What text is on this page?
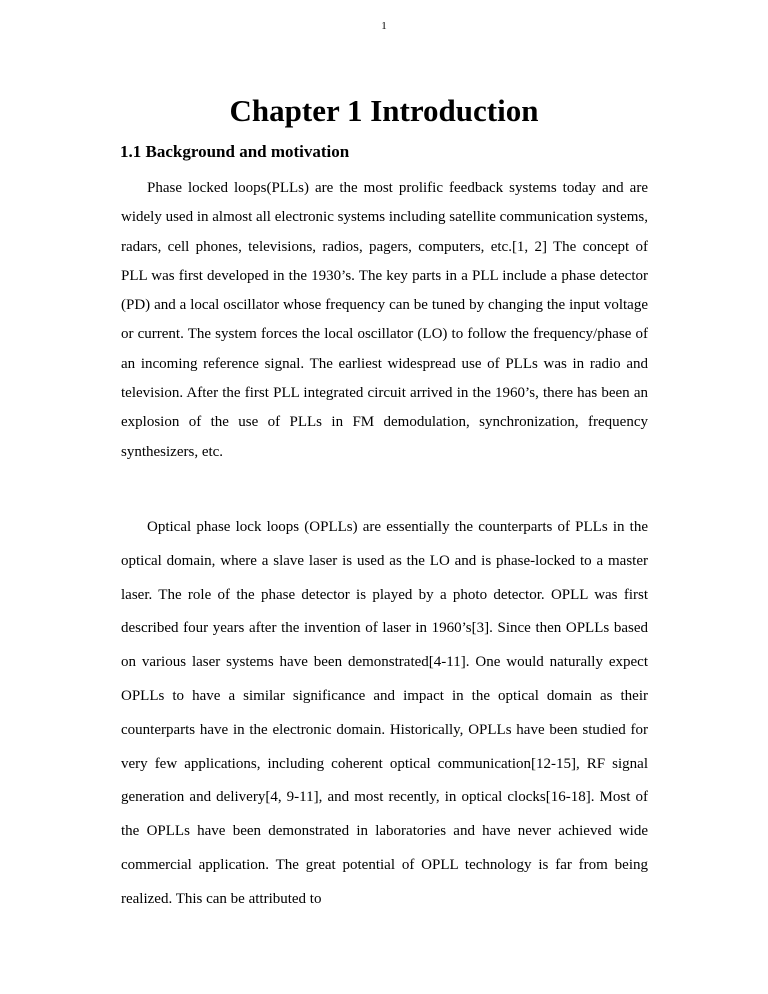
1
Chapter 1 Introduction
1.1 Background and motivation

Phase locked loops(PLLs) are the most prolific feedback systems today and are widely used in almost all electronic systems including satellite communication systems, radars, cell phones, televisions, radios, pagers, computers, etc.[1, 2] The concept of PLL was first developed in the 1930’s. The key parts in a PLL include a phase detector (PD) and a local oscillator whose frequency can be tuned by changing the input voltage or current. The system forces the local oscillator (LO) to follow the frequency/phase of an incoming reference signal. The earliest widespread use of PLLs was in radio and television. After the first PLL integrated circuit arrived in the 1960’s, there has been an explosion of the use of PLLs in FM demodulation, synchronization, frequency synthesizers, etc.

Optical phase lock loops (OPLLs) are essentially the counterparts of PLLs in the optical domain, where a slave laser is used as the LO and is phase-locked to a master laser. The role of the phase detector is played by a photo detector. OPLL was first described four years after the invention of laser in 1960’s[3]. Since then OPLLs based on various laser systems have been demonstrated[4-11]. One would naturally expect OPLLs to have a similar significance and impact in the optical domain as their counterparts have in the electronic domain. Historically, OPLLs have been studied for very few applications, including coherent optical communication[12-15], RF signal generation and delivery[4, 9-11], and most recently, in optical clocks[16-18]. Most of the OPLLs have been demonstrated in laboratories and have never achieved wide commercial application. The great potential of OPLL technology is far from being realized. This can be attributed to
